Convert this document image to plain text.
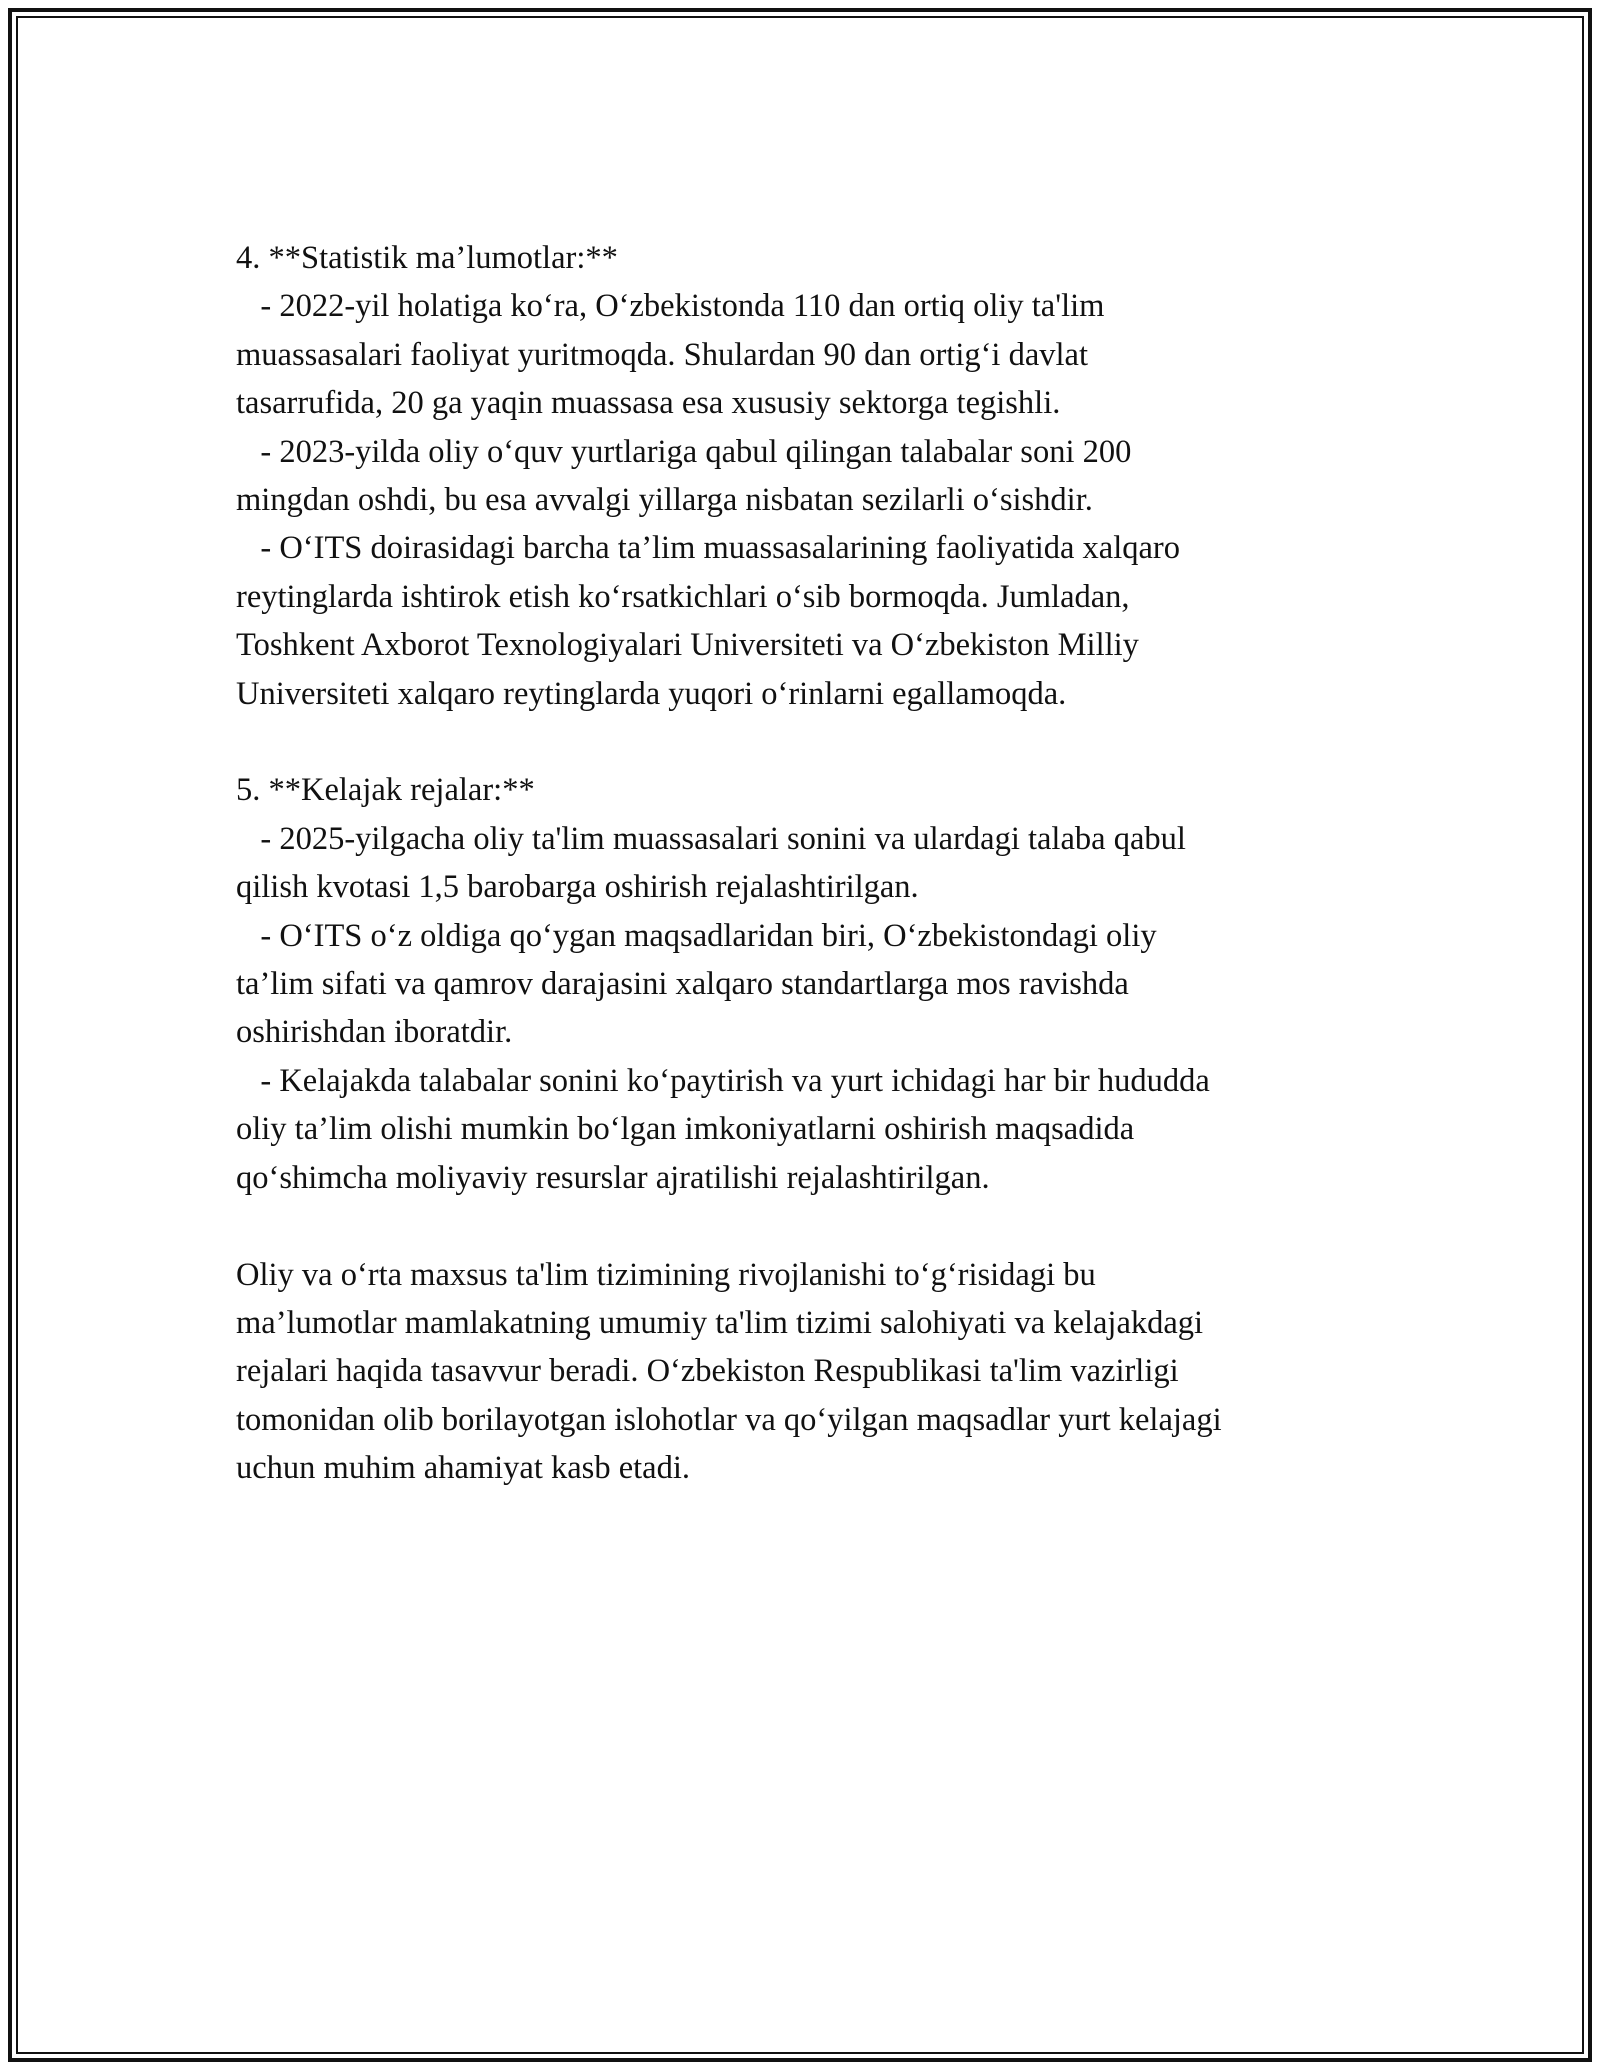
4. **Statistik ma’lumotlar:**
- 2022-yil holatiga ko‘ra, O‘zbekistonda 110 dan ortiq oliy ta'lim
muassasalari faoliyat yuritmoqda. Shulardan 90 dan ortig‘i davlat
tasarrufida, 20 ga yaqin muassasa esa xususiy sektorga tegishli.
- 2023-yilda oliy o‘quv yurtlariga qabul qilingan talabalar soni 200
mingdan oshdi, bu esa avvalgi yillarga nisbatan sezilarli o‘sishdir.
- O‘ITS doirasidagi barcha ta’lim muassasalarining faoliyatida xalqaro
reytinglarda ishtirok etish ko‘rsatkichlari o‘sib bormoqda. Jumladan,
Toshkent Axborot Texnologiyalari Universiteti va O‘zbekiston Milliy
Universiteti xalqaro reytinglarda yuqori o‘rinlarni egallamoqda.
5. **Kelajak rejalar:**
- 2025-yilgacha oliy ta'lim muassasalari sonini va ulardagi talaba qabul
qilish kvotasi 1,5 barobarga oshirish rejalashtirilgan.
- O‘ITS o‘z oldiga qo‘ygan maqsadlaridan biri, O‘zbekistondagi oliy
ta’lim sifati va qamrov darajasini xalqaro standartlarga mos ravishda
oshirishdan iboratdir.
- Kelajakda talabalar sonini ko‘paytirish va yurt ichidagi har bir hududda
oliy ta’lim olishi mumkin bo‘lgan imkoniyatlarni oshirish maqsadida
qo‘shimcha moliyaviy resurslar ajratilishi rejalashtirilgan.
Oliy va o‘rta maxsus ta'lim tizimining rivojlanishi to‘g‘risidagi bu
ma’lumotlar mamlakatning umumiy ta'lim tizimi salohiyati va kelajakdagi
rejalari haqida tasavvur beradi. O‘zbekiston Respublikasi ta'lim vazirligi
tomonidan olib borilayotgan islohotlar va qo‘yilgan maqsadlar yurt kelajagi
uchun muhim ahamiyat kasb etadi.
